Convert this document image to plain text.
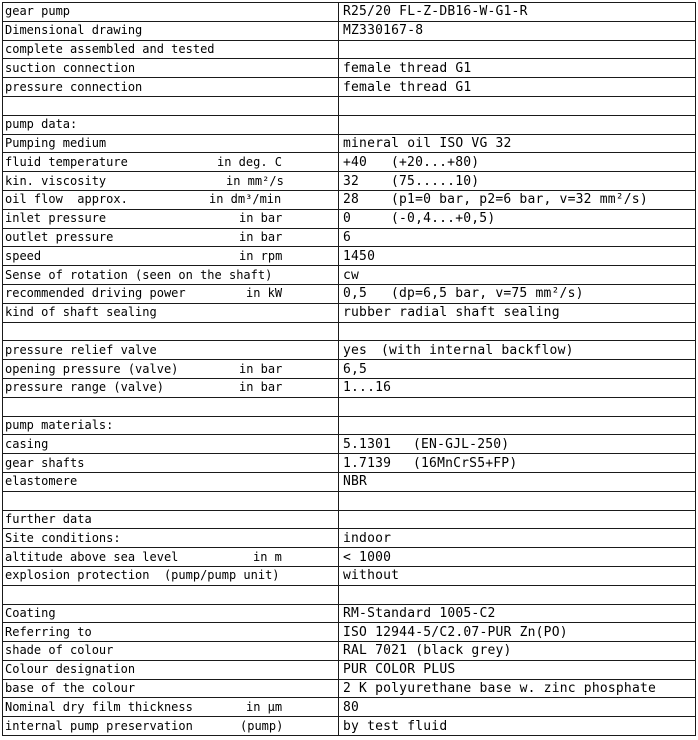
gear pump	R25/20 FL-Z-DB16-W-G1-R

Dimensional drawing	MZ330167-8

complete assembled and tested	

suction connection	female thread G1

pressure connection	female thread G1

pump data:	

Pumping medium	mineral oil ISO VG 32

fluid temperature in deg. C	+40 (+20...+80)

kin. viscosity in mm²/s	32 (75.....10)

oil flow  approx. in dm³/min	28 (p1=0 bar, p2=6 bar, v=32 mm²/s)

inlet pressure in bar	0 (-0,4...+0,5)

outlet pressure in bar	6

speed in rpm	1450

Sense of rotation (seen on the shaft)	cw

recommended driving power in kW	0,5 (dp=6,5 bar, v=75 mm²/s)

kind of shaft sealing	rubber radial shaft sealing

pressure relief valve	yes (with internal backflow)

opening pressure (valve) in bar	6,5

pressure range (valve) in bar	1...16

pump materials:	

casing	5.1301 (EN-GJL-250)

gear shafts	1.7139 (16MnCrS5+FP)

elastomere	NBR

further data	

Site conditions:	indoor

altitude above sea level in m	< 1000

explosion protection  (pump/pump unit)	without

Coating	RM-Standard 1005-C2

Referring to	ISO 12944-5/C2.07-PUR Zn(PO)

shade of colour	RAL 7021 (black grey)

Colour designation	PUR COLOR PLUS

base of the colour	2 K polyurethane base w. zinc phosphate

Nominal dry film thickness in µm	80

internal pump preservation (pump)	by test fluid
